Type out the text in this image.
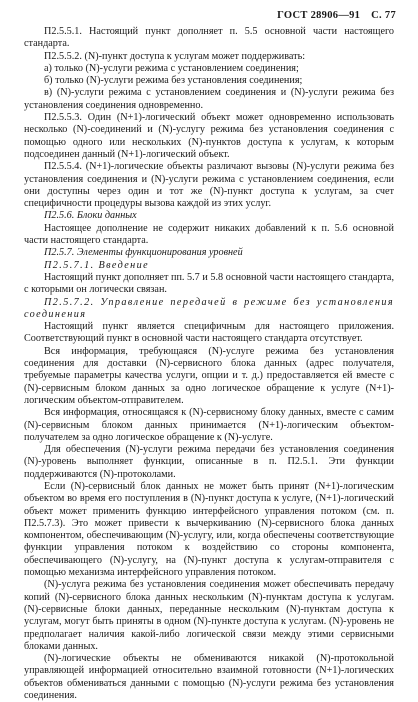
ГОСТ 28906—91 С. 77

П2.5.5.1. Настоящий пункт дополняет п. 5.5 основной части настоящего стандарта.

П2.5.5.2. (N)-пункт доступа к услугам может поддерживать:

а) только (N)-услуги режима с установлением соединения;

б) только (N)-услуги режима без установления соединения;

в) (N)-услуги режима с установлением соединения и (N)-услуги режима без установления соединения одновременно.

П2.5.5.3. Один (N+1)-логический объект может одновременно использовать несколько (N)-соединений и (N)-услугу режима без установления соединения с помощью одного или нескольких (N)-пунктов доступа к услугам, к которым подсоединен данный (N+1)-логический объект.

П2.5.5.4. (N+1)-логические объекты различают вызовы (N)-услуги режима без установления соединения и (N)-услуги режима с установлением соединения, если они доступны через один и тот же (N)-пункт доступа к услугам, за счет специфичности процедуры вызова каждой из этих услуг.

П2.5.6. Блоки данных

Настоящее дополнение не содержит никаких добавлений к п. 5.6 основной части настоящего стандарта.

П2.5.7. Элементы функционирования уровней

П2.5.7.1. Введение

Настоящий пункт дополняет пп. 5.7 и 5.8 основной части настоящего стандарта, с которыми он логически связан.

П2.5.7.2. Управление передачей в режиме без установления соединения

Настоящий пункт является специфичным для настоящего приложения. Соответствующий пункт в основной части настоящего стандарта отсутствует.

Вся информация, требующаяся (N)-услуге режима без установления соединения для доставки (N)-сервисного блока данных (адрес получателя, требуемые параметры качества услуги, опции и т. д.) предоставляется ей вместе с (N)-сервисным блоком данных за одно логическое обращение к услуге (N+1)-логическим объектом-отправителем.

Вся информация, относящаяся к (N)-сервисному блоку данных, вместе с самим (N)-сервисным блоком данных принимается (N+1)-логическим объектом-получателем за одно логическое обращение к (N)-услуге.

Для обеспечения (N)-услуги режима передачи без установления соединения (N)-уровень выполняет функции, описанные в п. П2.5.1. Эти функции поддерживаются (N)-протоколами.

Если (N)-сервисный блок данных не может быть принят (N+1)-логическим объектом во время его поступления в (N)-пункт доступа к услуге, (N+1)-логический объект может применить функцию интерфейсного управления потоком (см. п. П2.5.7.3). Это может привести к вычеркиванию (N)-сервисного блока данных компонентом, обеспечивающим (N)-услугу, или, когда обеспечены соответствующие функции управления потоком к воздействию со стороны компонента, обеспечивающего (N)-услугу, на (N)-пункт доступа к услугам-отправителя с помощью механизма интерфейсного управления потоком.

(N)-услуга режима без установления соединения может обеспечивать передачу копий (N)-сервисного блока данных нескольким (N)-пунктам доступа к услугам. (N)-сервисные блоки данных, переданные нескольким (N)-пунктам доступа к услугам, могут быть приняты в одном (N)-пункте доступа к услугам. (N)-уровень не предполагает наличия какой-либо логической связи между этими сервисными блоками данных.

(N)-логические объекты не обмениваются никакой (N)-протокольной управляющей информацией относительно взаимной готовности (N+1)-логических объектов обмениваться данными с помощью (N)-услуги режима без установления соединения.
